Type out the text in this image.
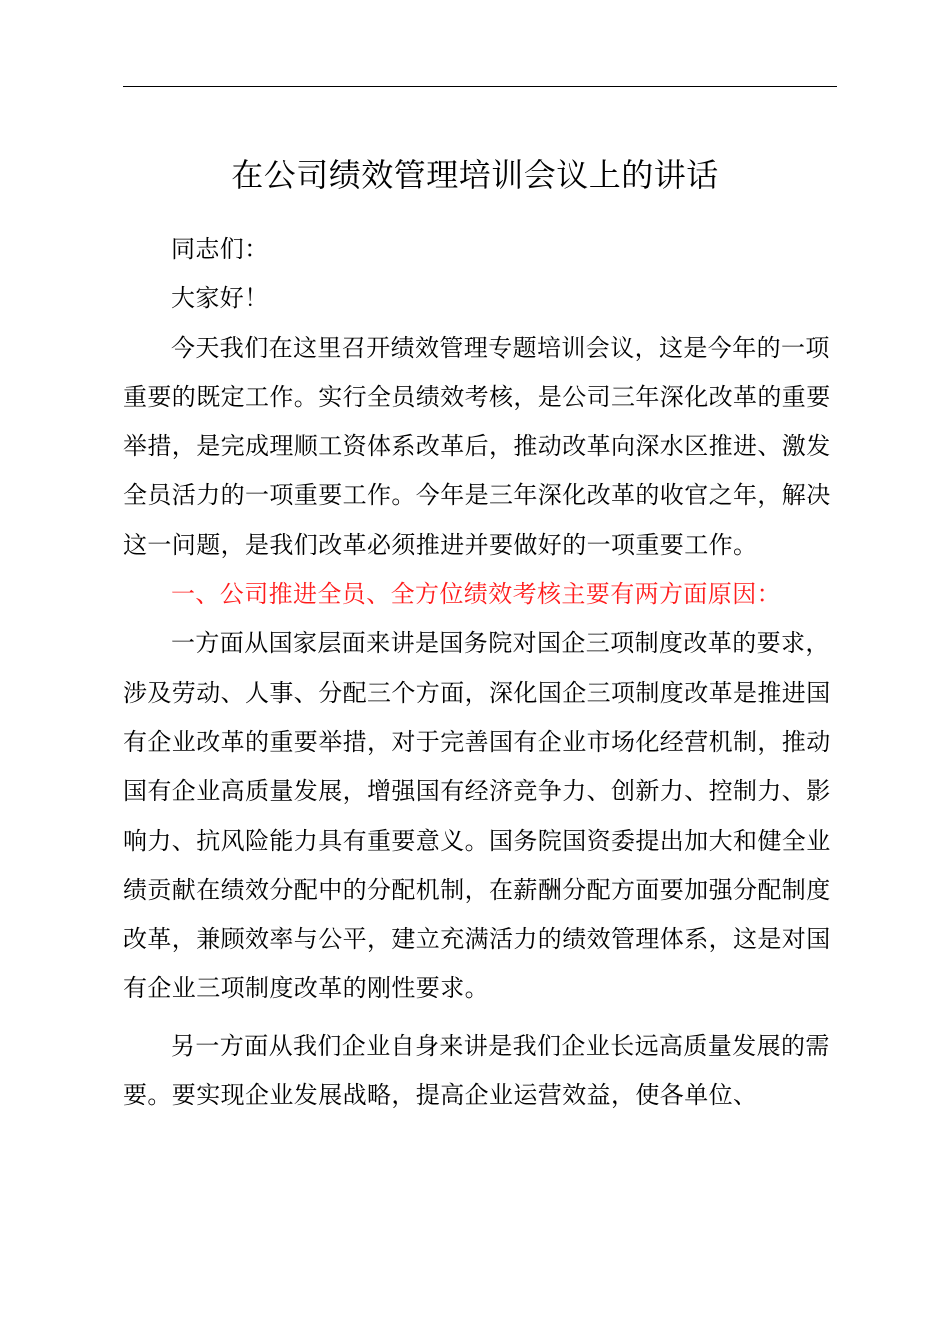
在公司绩效管理培训会议上的讲话

同志们：

大家好！

今天我们在这里召开绩效管理专题培训会议，这是今年的一项重要的既定工作。实行全员绩效考核，是公司三年深化改革的重要举措，是完成理顺工资体系改革后，推动改革向深水区推进、激发全员活力的一项重要工作。今年是三年深化改革的收官之年，解决这一问题，是我们改革必须推进并要做好的一项重要工作。

一、公司推进全员、全方位绩效考核主要有两方面原因：

一方面从国家层面来讲是国务院对国企三项制度改革的要求，涉及劳动、人事、分配三个方面，深化国企三项制度改革是推进国有企业改革的重要举措，对于完善国有企业市场化经营机制，推动国有企业高质量发展，增强国有经济竞争力、创新力、控制力、影响力、抗风险能力具有重要意义。国务院国资委提出加大和健全业绩贡献在绩效分配中的分配机制，在薪酬分配方面要加强分配制度改革，兼顾效率与公平，建立充满活力的绩效管理体系，这是对国有企业三项制度改革的刚性要求。

另一方面从我们企业自身来讲是我们企业长远高质量发展的需要。要实现企业发展战略，提高企业运营效益，使各单位、
